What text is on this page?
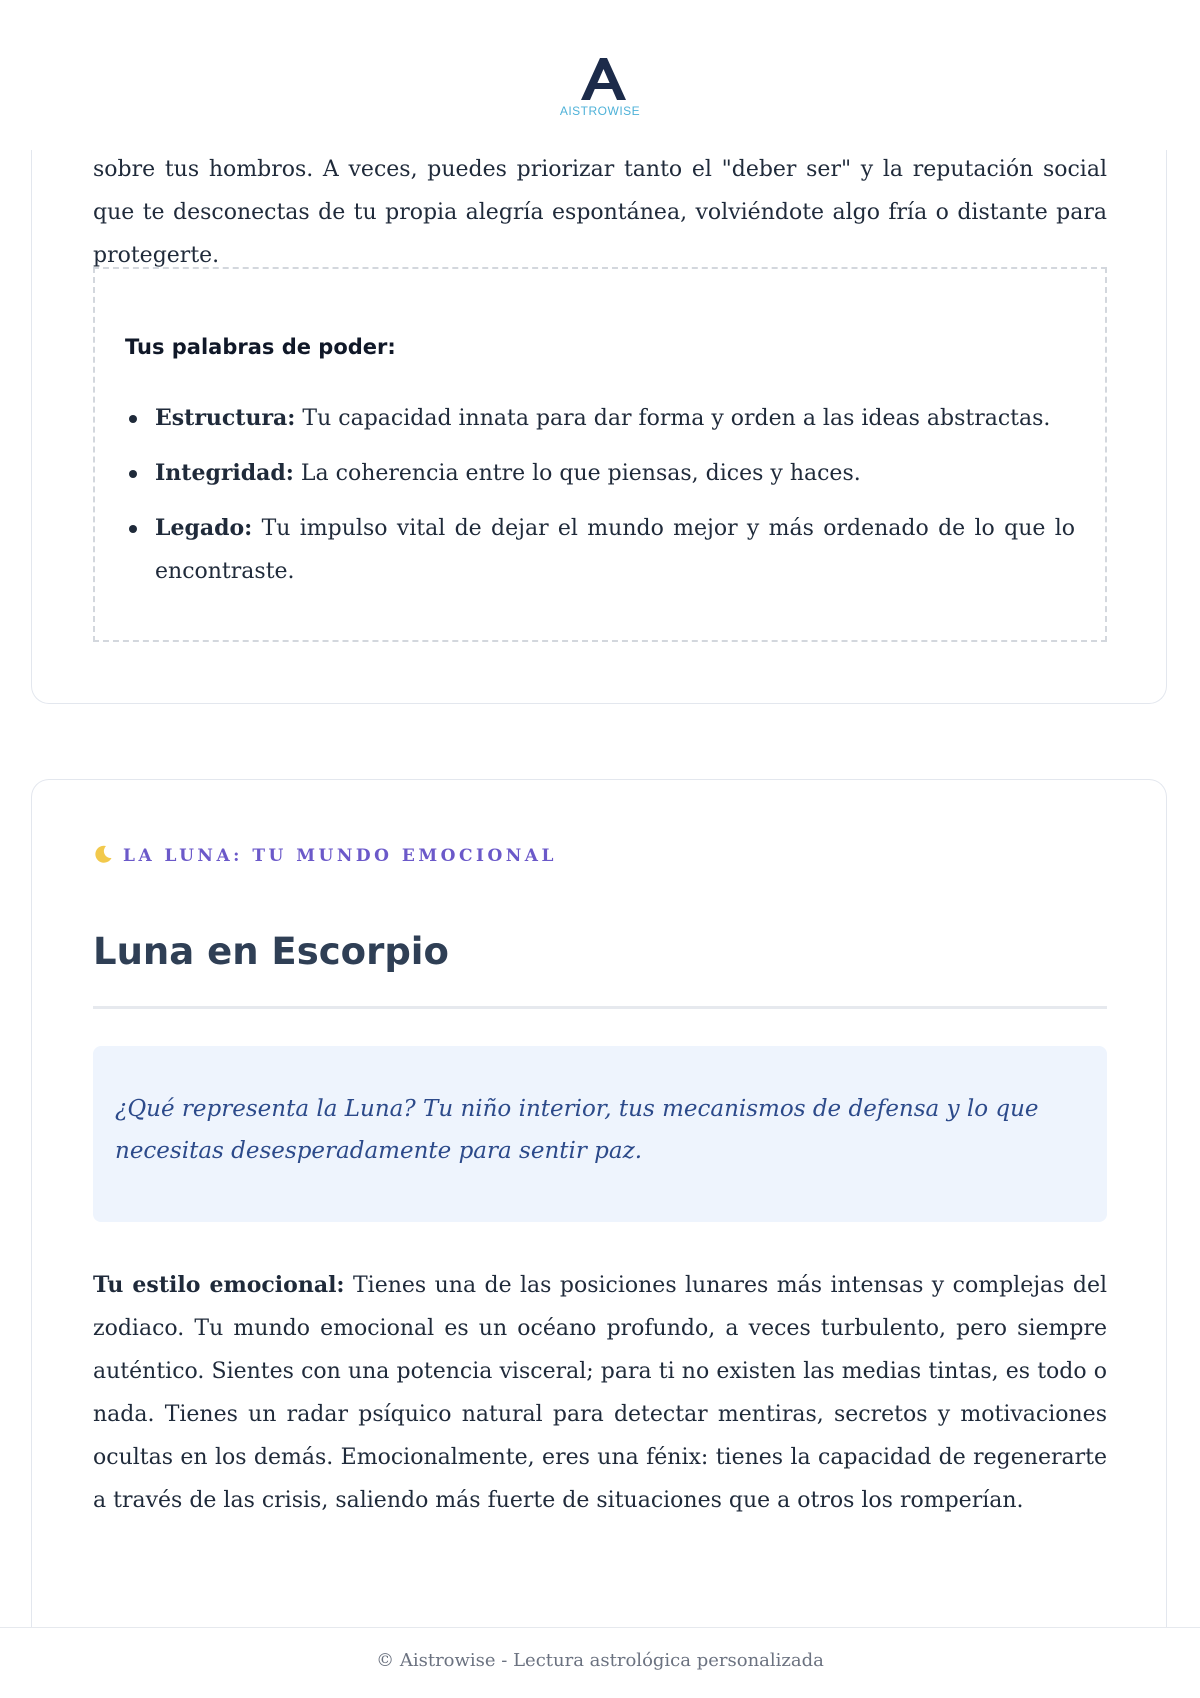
AISTROWISE

sobre tus hombros. A veces, puedes priorizar tanto el "deber ser" y la reputación social que te desconectas de tu propia alegría espontánea, volviéndote algo fría o distante para protegerte.

Tus palabras de poder:
Estructura: Tu capacidad innata para dar forma y orden a las ideas abstractas.
Integridad: La coherencia entre lo que piensas, dices y haces.
Legado: Tu impulso vital de dejar el mundo mejor y más ordenado de lo que lo encontraste.
LA LUNA: TU MUNDO EMOCIONAL
Luna en Escorpio

¿Qué representa la Luna? Tu niño interior, tus mecanismos de defensa y lo que necesitas desesperadamente para sentir paz.

Tu estilo emocional: Tienes una de las posiciones lunares más intensas y complejas del zodiaco. Tu mundo emocional es un océano profundo, a veces turbulento, pero siempre auténtico. Sientes con una potencia visceral; para ti no existen las medias tintas, es todo o nada. Tienes un radar psíquico natural para detectar mentiras, secretos y motivaciones ocultas en los demás. Emocionalmente, eres una fénix: tienes la capacidad de regenerarte a través de las crisis, saliendo más fuerte de situaciones que a otros los romperían.

© Aistrowise - Lectura astrológica personalizada
